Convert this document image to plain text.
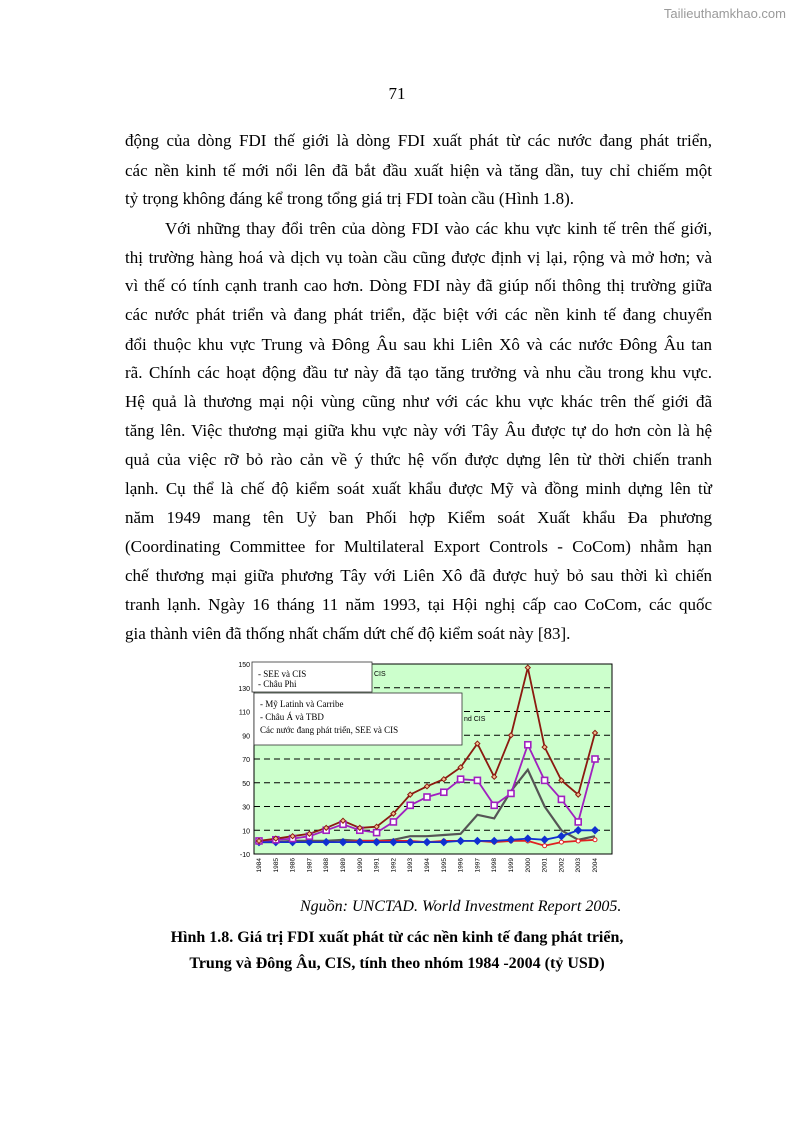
Tailieuthamkhao.com
71
động của dòng FDI thế giới là dòng FDI xuất phát từ các nước đang phát triển,
các nền kinh tế mới nổi lên đã bắt đầu xuất hiện và tăng dần, tuy chỉ chiếm một
tỷ trọng không đáng kể trong tổng giá trị FDI toàn cầu (Hình 1.8).
Với những thay đổi trên của dòng FDI vào các khu vực kinh tế trên thế giới,
thị trường hàng hoá và dịch vụ toàn cầu cũng được định vị lại, rộng và mở hơn; và
vì thế có tính cạnh tranh cao hơn. Dòng FDI này đã giúp nối thông thị trường giữa
các nước phát triển và đang phát triển, đặc biệt với các nền kinh tế đang chuyển
đổi thuộc khu vực Trung và Đông Âu sau khi Liên Xô và các nước Đông Âu tan
rã. Chính các hoạt động đầu tư này đã tạo tăng trưởng và nhu cầu trong khu vực.
Hệ quả là thương mại nội vùng cũng như với các khu vực khác trên thế giới đã
tăng lên. Việc thương mại giữa khu vực này với Tây Âu được tự do hơn còn là hệ
quả của việc rỡ bỏ rào cản về ý thức hệ vốn được dựng lên từ thời chiến tranh
lạnh. Cụ thể là chế độ kiểm soát xuất khẩu được Mỹ và đồng minh dựng lên từ
năm 1949 mang tên Uỷ ban Phối hợp Kiểm soát Xuất khẩu Đa phương
(Coordinating Committee for Multilateral Export Controls - CoCom) nhằm hạn
chế thương mại giữa phương Tây với Liên Xô đã được huỷ bỏ sau thời kì chiến
tranh lạnh. Ngày 16 tháng 11 năm 1993, tại Hội nghị cấp cao CoCom, các quốc
gia thành viên đã thống nhất chấm dứt chế độ kiểm soát này [83].
150
130
110
90
70
50
30
10
-10
1984 1985 1986 1987 1988 1989 1990 1991 1992 1993 1994 1995 1996 1997 1998 1999 2000 2001 2002 2003 2004
- SEE và CIS
- Châu Phi
CIS
- Mỹ Latinh và Carribe
- Châu Á và TBD
Các nước đang phát triển, SEE và CIS
nd CIS
Nguồn: UNCTAD. World Investment Report 2005.
Hình 1.8. Giá trị FDI xuất phát từ các nền kinh tế đang phát triển,
Trung và Đông Âu, CIS, tính theo nhóm 1984 -2004 (tỷ USD)
